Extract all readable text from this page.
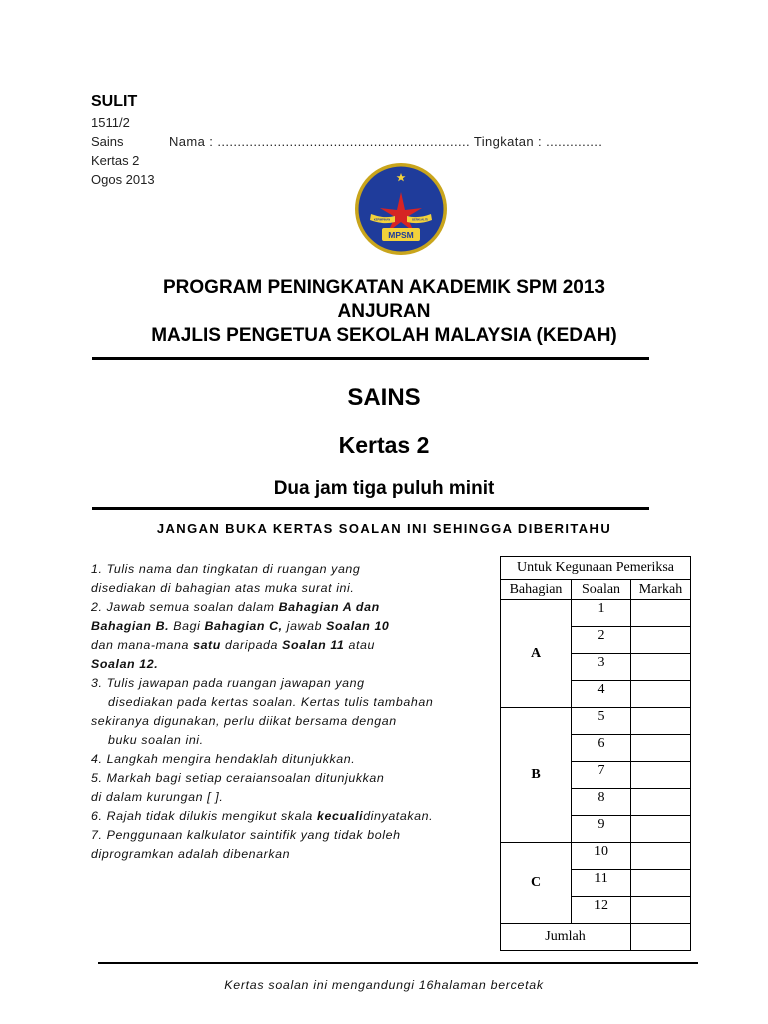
SULIT
1511/2
Sains	Nama : ............................................................... Tingkatan : ..............
Kertas 2
Ogos 2013
KEPIMPINAN	BERKUALITI
MPSM
PROGRAM PENINGKATAN AKADEMIK SPM 2013
ANJURAN
MAJLIS PENGETUA SEKOLAH MALAYSIA (KEDAH)
SAINS
Kertas 2
Dua jam tiga puluh minit
JANGAN BUKA KERTAS SOALAN INI SEHINGGA DIBERITAHU
1. Tulis nama dan tingkatan di ruangan yang
disediakan di bahagian atas muka surat ini.
2. Jawab semua soalan dalam Bahagian A dan
Bahagian B. Bagi Bahagian C, jawab Soalan 10
dan mana-mana satu daripada Soalan 11 atau
Soalan 12.
3. Tulis jawapan pada ruangan jawapan yang
disediakan pada kertas soalan. Kertas tulis tambahan
sekiranya digunakan, perlu diikat bersama dengan
buku soalan ini.
4. Langkah mengira hendaklah ditunjukkan.
5. Markah bagi setiap ceraiansoalan ditunjukkan
di dalam kurungan [ ].
6. Rajah tidak dilukis mengikut skala kecualidinyatakan.
7. Penggunaan kalkulator saintifik yang tidak boleh
diprogramkan adalah dibenarkan
Untuk Kegunaan Pemeriksa		
Bahagian	Soalan	Markah
A	1	
	2	
	3	
	4	
B	5	
	6	
	7	
	8	
	9	
C	10	
	11	
	12	
Jumlah		
Kertas soalan ini mengandungi 16halaman bercetak
